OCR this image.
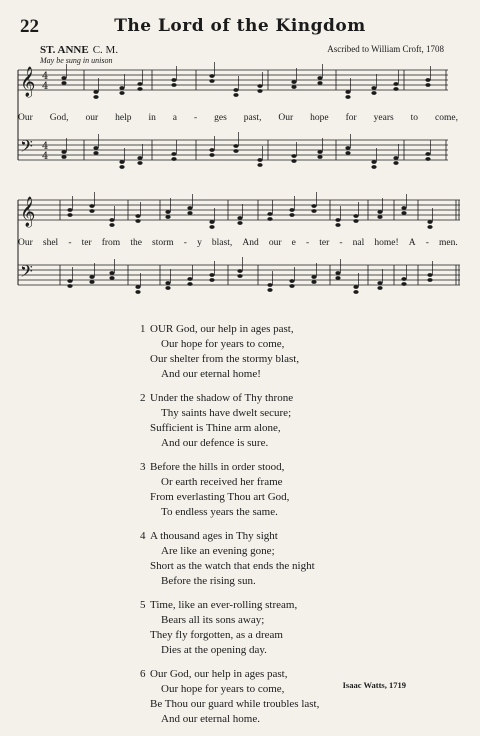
22	The Lord of the Kingdom
ST. ANNE C. M.
May be sung in unison
Ascribed to William Croft, 1708
𝄞
𝄢
4
4
4
4
𝄞
𝄢
Our God, our help in a - ges past, Our hope for years to come,
Our shel - ter from the storm - y blast, And our e - ter - nal home! A - men.
1 OUR God, our help in ages past,
Our hope for years to come,
Our shelter from the stormy blast,
And our eternal home!
2 Under the shadow of Thy throne
Thy saints have dwelt secure;
Sufficient is Thine arm alone,
And our defence is sure.
3 Before the hills in order stood,
Or earth received her frame
From everlasting Thou art God,
To endless years the same.
4 A thousand ages in Thy sight
Are like an evening gone;
Short as the watch that ends the night
Before the rising sun.
5 Time, like an ever-rolling stream,
Bears all its sons away;
They fly forgotten, as a dream
Dies at the opening day.
6 Our God, our help in ages past,
Our hope for years to come,
Be Thou our guard while troubles last,
And our eternal home.
Isaac Watts, 1719
